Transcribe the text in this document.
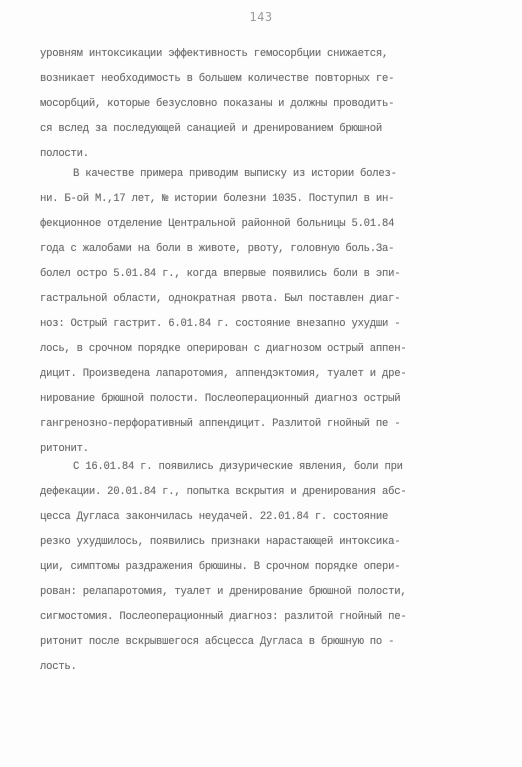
143
уровням интоксикации эффективность гемосорбции снижается,
возникает необходимость в большем количестве повторных ге-
мосорбций, которые безусловно показаны и должны проводить-
ся вслед за последующей санацией и дренированием брюшной
полости.
В качестве примера приводим выписку из истории болез-
ни. Б-ой М.,17 лет, № истории болезни 1035. Поступил в ин-
фекционное отделение Центральной районной больницы 5.01.84
года с жалобами на боли в животе, рвоту, головную боль.За-
болел остро 5.01.84 г., когда впервые появились боли в эпи-
гастральной области, однократная рвота. Был поставлен диаг-
ноз: Острый гастрит. 6.01.84 г. состояние внезапно ухудши -
лось, в срочном порядке оперирован с диагнозом острый аппен-
дицит. Произведена лапаротомия, аппендэктомия, туалет и дре-
нирование брюшной полости. Послеоперационный диагноз острый
гангренозно-перфоративный аппендицит. Разлитой гнойный пе -
ритонит.
С 16.01.84 г. появились дизурические явления, боли при
дефекации. 20.01.84 г., попытка вскрытия и дренирования абс-
цесса Дугласа закончилась неудачей. 22.01.84 г. состояние
резко ухудшилось, появились признаки нарастающей интоксика-
ции, симптомы раздражения брюшины. В срочном порядке опери-
рован: релапаротомия, туалет и дренирование брюшной полости,
сигмостомия. Послеоперационный диагноз: разлитой гнойный пе-
ритонит после вскрывшегося абсцесса Дугласа в брюшную по -
лость.
